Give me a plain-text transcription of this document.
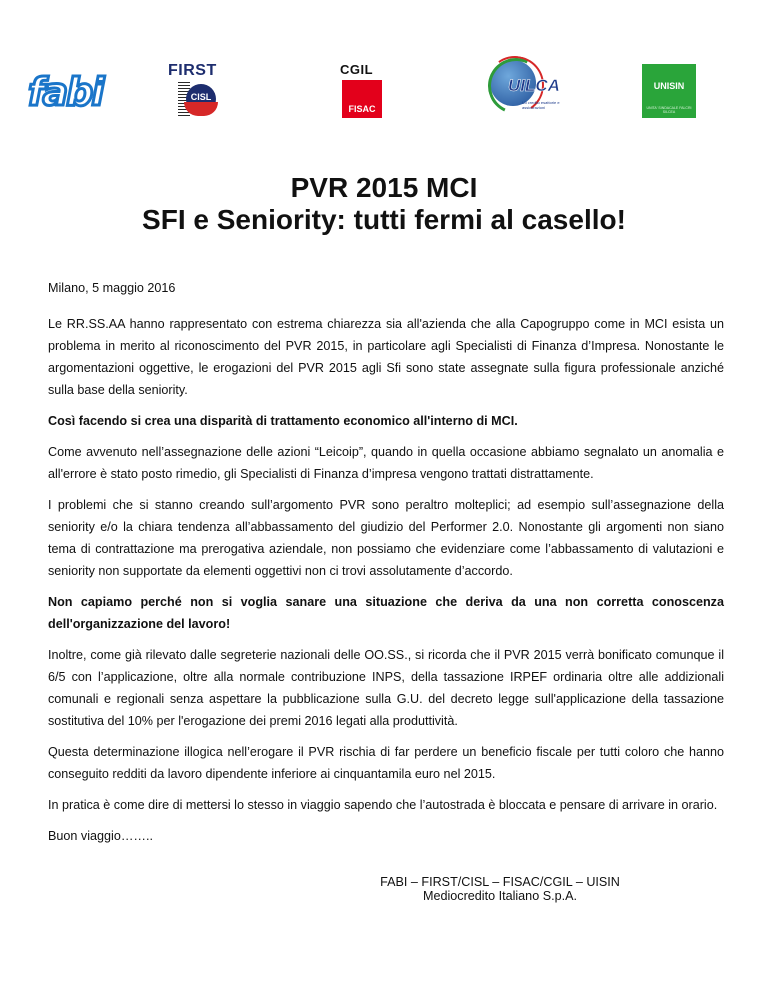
fabi	FIRST
CISL
CGIL
FISAC
UILCA
Uil credito esattorie e assicurazioni
UNISIN
UNITA' SINDACALE FALCRI SILCEA
PVR 2015 MCI
SFI e Seniority: tutti fermi al casello!

Milano, 5 maggio 2016

Le RR.SS.AA hanno rappresentato con estrema chiarezza sia all'azienda che alla Capogruppo come in MCI esista un problema in merito al riconoscimento del PVR 2015, in particolare agli Specialisti di Finanza d’Impresa. Nonostante le argomentazioni oggettive, le erogazioni del PVR 2015 agli Sfi sono state assegnate sulla figura professionale anziché sulla base della seniority.

Così facendo si crea una disparità di trattamento economico all'interno di MCI.

Come avvenuto nell’assegnazione delle azioni “Leicoip”, quando in quella occasione abbiamo segnalato un anomalia e all'errore è stato posto rimedio, gli Specialisti di Finanza d’impresa vengono trattati distrattamente.

I problemi che si stanno creando sull’argomento PVR sono peraltro molteplici; ad esempio sull’assegnazione della seniority e/o la chiara tendenza all’abbassamento del giudizio del Performer 2.0. Nonostante gli argomenti non siano tema di contrattazione ma prerogativa aziendale, non possiamo che evidenziare come l’abbassamento di valutazioni e seniority non supportate da elementi oggettivi non ci trovi assolutamente d’accordo.

Non capiamo perché non si voglia sanare una situazione che deriva da una non corretta conoscenza dell'organizzazione del lavoro!

Inoltre, come già rilevato dalle segreterie nazionali delle OO.SS., si ricorda che il PVR 2015 verrà bonificato comunque il 6/5 con l’applicazione, oltre alla normale contribuzione INPS, della tassazione IRPEF ordinaria oltre alle addizionali comunali e regionali senza aspettare la pubblicazione sulla G.U. del decreto legge sull'applicazione della tassazione sostitutiva del 10% per l'erogazione dei premi 2016 legati alla produttività.

Questa determinazione illogica nell’erogare il PVR rischia di far perdere un beneficio fiscale per tutti coloro che hanno conseguito redditi da lavoro dipendente inferiore ai cinquantamila euro nel 2015.

In pratica è come dire di mettersi lo stesso in viaggio sapendo che l’autostrada è bloccata e pensare di arrivare in orario.

Buon viaggio……..

FABI – FIRST/CISL – FISAC/CGIL – UISIN
Mediocredito Italiano S.p.A.
